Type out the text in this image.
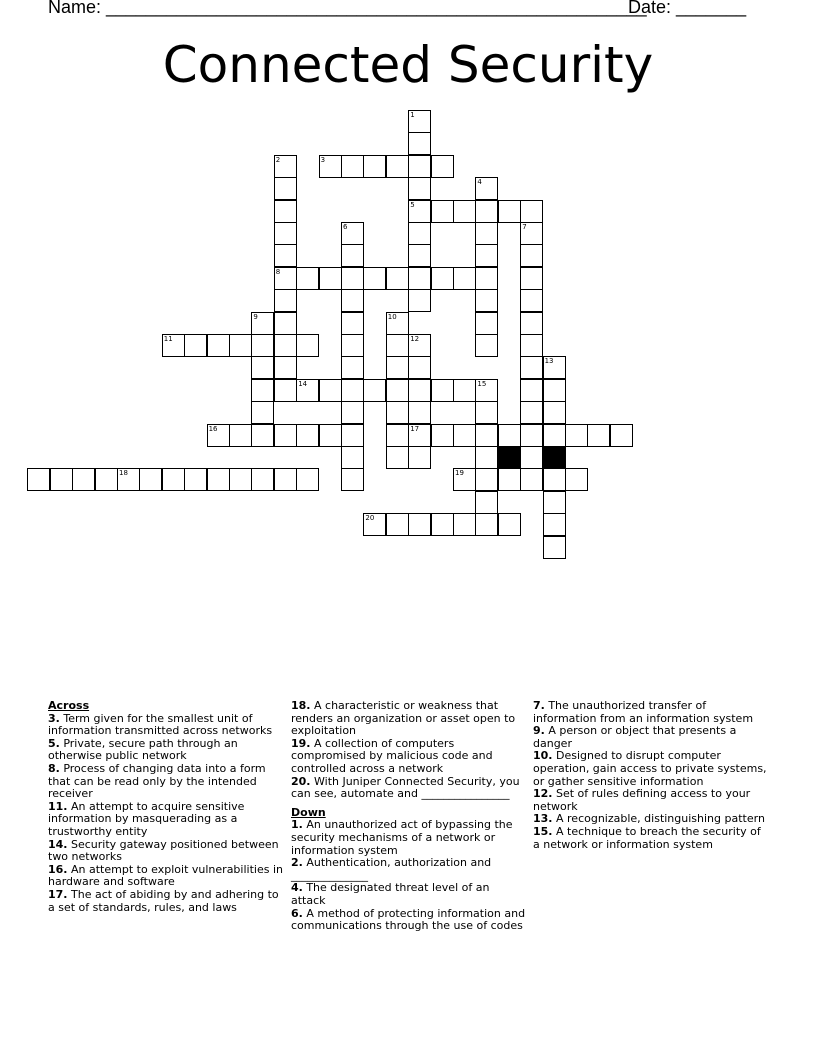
Name: ______________________________________________________
Date: _______
Connected Security
1
5
2
8
3
4
6	7
9	10
11	12
17
13
14	15
16
18	19
20
Across
3. Term given for the smallest unit of information transmitted across networks
5. Private, secure path through an otherwise public network
8. Process of changing data into a form that can be read only by the intended receiver
11. An attempt to acquire sensitive information by masquerading as a trustworthy entity
14. Security gateway positioned between two networks
16. An attempt to exploit vulnerabilities in hardware and software
17. The act of abiding by and adhering to a set of standards, rules, and laws
18. A characteristic or weakness that renders an organization or asset open to exploitation
19. A collection of computers compromised by malicious code and controlled across a network
20. With Juniper Connected Security, you can see, automate and ________________
Down
1. An unauthorized act of bypassing the security mechanisms of a network or information system
2. Authentication, authorization and ______________
4. The designated threat level of an attack
6. A method of protecting information and communications through the use of codes
7. The unauthorized transfer of information from an information system
9. A person or object that presents a danger
10. Designed to disrupt computer operation, gain access to private systems, or gather sensitive information
12. Set of rules defining access to your network
13. A recognizable, distinguishing pattern
15. A technique to breach the security of a network or information system
